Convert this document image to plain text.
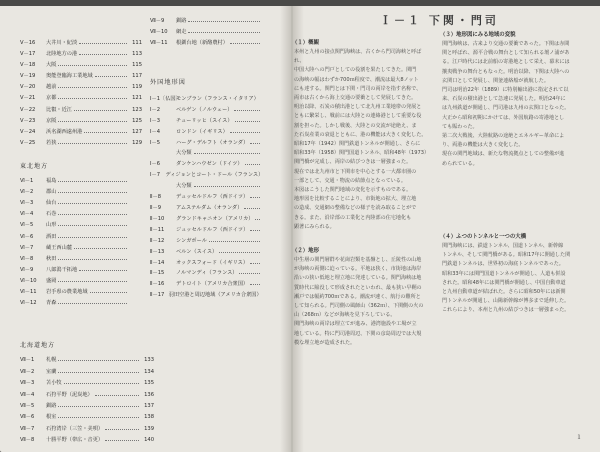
Ⅴ－16	大井川・紀淡	111
Ⅴ－17	北陸地方の港	113
Ⅴ－18	大阪	115
Ⅴ－19	奥能登臨海工業地域	117
Ⅴ－20	越前	119
Ⅴ－21	京都	121
Ⅴ－22	比叡・近江	123
Ⅴ－23	京阪	125
Ⅴ－24	浜名湖西遠州港	127
Ⅴ－25	若狭	129
東北地方
Ⅵ－1	福島
Ⅵ－2	郡山
Ⅵ－3	仙台
Ⅵ－4	石巻
Ⅵ－5	山形
Ⅵ－6	酒田
Ⅵ－7	蔵王西山麓
Ⅵ－8	秋田
Ⅵ－9	八郎潟干拓地
Ⅵ－10	盛岡
Ⅵ－11	岩手県の農業地域
Ⅵ－12	青森
北海道地方
Ⅶ－1	札幌	133
Ⅶ－2	室蘭	134
Ⅶ－3	苫小牧	135
Ⅶ－4	石狩平野（泥炭地）	136
Ⅶ－5	釧路	137
Ⅶ－6	根室	138
Ⅶ－7	石狩湾岸（三笠・美唄）	139
Ⅶ－8	十勝平野（帯広・音更）	140
Ⅶ－9	釧路
Ⅶ－10	網走
Ⅶ－11	根釧台地（新酪農村）
外国地形図
Ⅰ－1〔仏国〕
モンブラン（フランス・イタリア）
Ⅰ－2	ベルゲン（ノルウェー）
Ⅰ－3	チューリッヒ（スイス）
Ⅰ－4	ロンドン（イギリス）
Ⅰ－5	ハーグ・デルフト（オランダ）
大分類
Ⅰ－6	ダンケンハウゼン（ドイツ）
Ⅰ－7	ディジョンとコート・ドール（フランス）
大分類
Ⅱ－8	デュッセルドルフ（西ドイツ）
Ⅱ－9	アムステルダム（オランダ）
Ⅱ－10	グランドキャニオン（アメリカ）
Ⅱ－11	ジュッセルドルフ（西ドイツ）
Ⅱ－12	シンガポール
Ⅱ－13	ベルン（スイス）
Ⅱ－14	オックスフォード（イギリス）
Ⅱ－15	ノルマンディ（フランス）
Ⅱ－16	デトロイト（アメリカ合衆国）
Ⅱ－17 羽田空港と周辺地域（アメリカ合衆国）
Ｉ－１ 下関・門司
（１）概観

本州と九州の接点関門海峡は、古くから門司海峡と呼ばれ、

中国大陸への門戸としての役割を果たしてきた。関門

の海峡の幅はわずか700ｍ程度で、潮流は最大8ノット

にも達する。関門とは下関・門司の両岸を指す名称で、

両市は古くから海上交通の要衝として発展してきた。

明治以降、石炭の積出港として北九州工業地帯の発展と

ともに繁栄し、戦前には大陸との連絡港として重要な役

割を担った。しかし戦後、大陸との交流が途絶え、ま

た石炭産業の衰退とともに、港の機能は大きく変化した。

昭和17年（1942）関門鉄道トンネルが開通し、さらに

昭和33年（1958）関門国道トンネル、昭和48年（1973）

関門橋が完成し、両岸の結びつきは一層強まった。

現在では北九州市と下関市を中心とする一大都市圏の

一部として、交通・物流の結節点となっている。

本図はこうした関門地域の変化を示すものである。

地形図を比較することにより、市街地の拡大、埋立地

の造成、交通網の整備などの様子を読み取ることがで

きる。また、沿岸部の工業化と内陸部の住宅地化も

顕著にみられる。

（２）地形

中生層の関門層群や花崗岩類を基盤とし、丘陵性の山地

が海峡の両側に迫っている。平地は狭く、市街地は海岸

沿いの狭い低地と埋立地に発達している。関門海峡は地

質時代に陥没して形成されたといわれ、最も狭い早鞆の

瀬戸では幅約700ｍである。潮流が速く、航行の難所と

して知られる。門司側の風師山（362ｍ）、下関側の火の

山（268ｍ）などが海峡を見下ろしている。

関門海峡の両岸は埋立てが進み、港湾施設や工場が立

地している。特に門司港周辺、下関の彦島周辺では大規

模な埋立地が造成された。

（３）地形図にみる地域の変貌

関門海峡は、古来より交通の要衝であった。下関は赤間

関と呼ばれ、源平合戦の舞台として知られる壇ノ浦があ

る。江戸時代には北前船の寄港地として栄え、幕末には

攘夷戦争の舞台ともなった。明治以降、下関は大陸への

玄関口として発展し、関釜連絡船が就航した。

門司は明治22年（1889）に特別輸出港に指定されて以

来、石炭の積出港として急速に発展した。明治24年に

は九州鉄道が開通し、門司港は九州の玄関口となった。

大正から昭和初期にかけては、外国航路の寄港地とし

ても賑わった。

第二次大戦後、大陸航路の途絶とエネルギー革命によ

り、両港の機能は大きく変化した。

現在の関門地域は、新たな物流拠点としての整備が進

められている。

（４）ふつのトンネルと一つの大橋

関門海峡には、鉄道トンネル、国道トンネル、新幹線

トンネル、そして関門橋がある。昭和17年に開通した関

門鉄道トンネルは、世界初の海底トンネルであった。

昭和33年には関門国道トンネルが開通し、人道も併設

された。昭和48年には関門橋が開通し、中国自動車道

と九州自動車道が結ばれた。さらに昭和50年には新関

門トンネルが開通し、山陽新幹線が博多まで延伸した。

これらにより、本州と九州の結びつきは一層強まった。

１
